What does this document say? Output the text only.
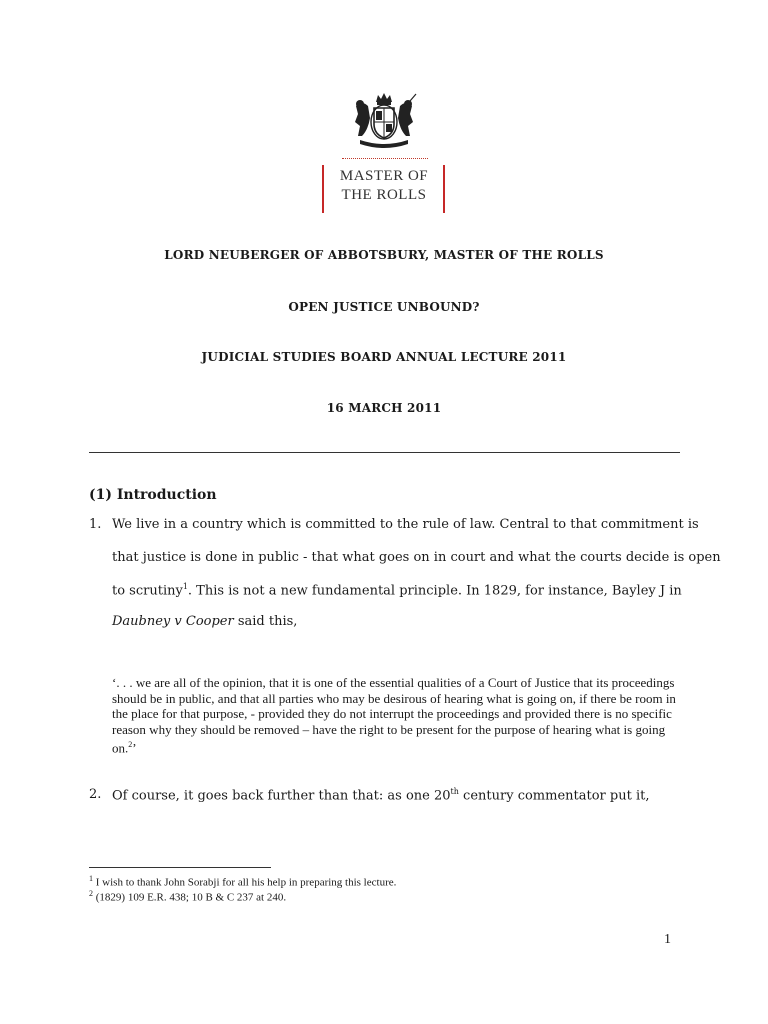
MASTER OF
THE ROLLS
LORD NEUBERGER OF ABBOTSBURY, MASTER OF THE ROLLS
OPEN JUSTICE UNBOUND?
JUDICIAL STUDIES BOARD ANNUAL LECTURE 2011
16 MARCH 2011
(1) Introduction
1. We live in a country which is committed to the rule of law. Central to that commitment is
that justice is done in public - that what goes on in court and what the courts decide is open
to scrutiny$^1$. This is not a new fundamental principle. In 1829, for instance, Bayley J in
Daubney v Cooper said this,
‘. . . we are all of the opinion, that it is one of the essential qualities of a Court of Justice that its proceedings should be in public, and that all parties who may be desirous of hearing what is going on, if there be room in the place for that purpose, - provided they do not interrupt the proceedings and provided there is no specific reason why they should be removed – have the right to be present for the purpose of hearing what is going on.$^2$’
2. Of course, it goes back further than that: as one 20th century commentator put it,
$^1$ I wish to thank John Sorabji for all his help in preparing this lecture.
$^2$ (1829) 109 E.R. 438; 10 B & C 237 at 240.
1
